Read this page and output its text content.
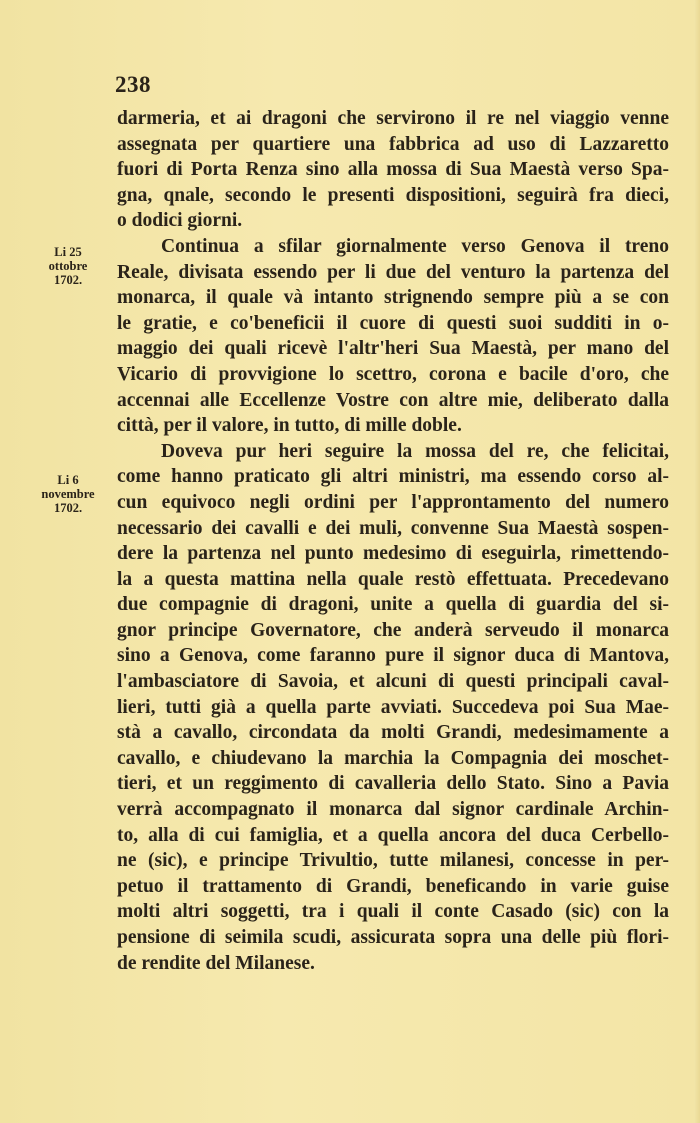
238
darmeria, et ai dragoni che servirono il re nel viaggio venne
assegnata per quartiere una fabbrica ad uso di Lazzaretto
fuori di Porta Renza sino alla mossa di Sua Maestà verso Spa-
gna, qnale, secondo le presenti dispositioni, seguirà fra dieci,
o dodici giorni.
Continua a sfilar giornalmente verso Genova il treno
Reale, divisata essendo per li due del venturo la partenza del
monarca, il quale và intanto strignendo sempre più a se con
le gratie, e co'beneficii il cuore di questi suoi sudditi in o-
maggio dei quali ricevè l'altr'heri Sua Maestà, per mano del
Vicario di provvigione lo scettro, corona e bacile d'oro, che
accennai alle Eccellenze Vostre con altre mie, deliberato dalla
città, per il valore, in tutto, di mille doble.
Doveva pur heri seguire la mossa del re, che felicitai,
come hanno praticato gli altri ministri, ma essendo corso al-
cun equivoco negli ordini per l'approntamento del numero
necessario dei cavalli e dei muli, convenne Sua Maestà sospen-
dere la partenza nel punto medesimo di eseguirla, rimettendo-
la a questa mattina nella quale restò effettuata. Precedevano
due compagnie di dragoni, unite a quella di guardia del si-
gnor principe Governatore, che anderà serveudo il monarca
sino a Genova, come faranno pure il signor duca di Mantova,
l'ambasciatore di Savoia, et alcuni di questi principali caval-
lieri, tutti già a quella parte avviati. Succedeva poi Sua Mae-
stà a cavallo, circondata da molti Grandi, medesimamente a
cavallo, e chiudevano la marchia la Compagnia dei moschet-
tieri, et un reggimento di cavalleria dello Stato. Sino a Pavia
verrà accompagnato il monarca dal signor cardinale Archin-
to, alla di cui famiglia, et a quella ancora del duca Cerbello-
ne (sic), e principe Trivultio, tutte milanesi, concesse in per-
petuo il trattamento di Grandi, beneficando in varie guise
molti altri soggetti, tra i quali il conte Casado (sic) con la
pensione di seimila scudi, assicurata sopra una delle più flori-
de rendite del Milanese.
Li 25
ottobre
1702.
Li 6
novembre
1702.
